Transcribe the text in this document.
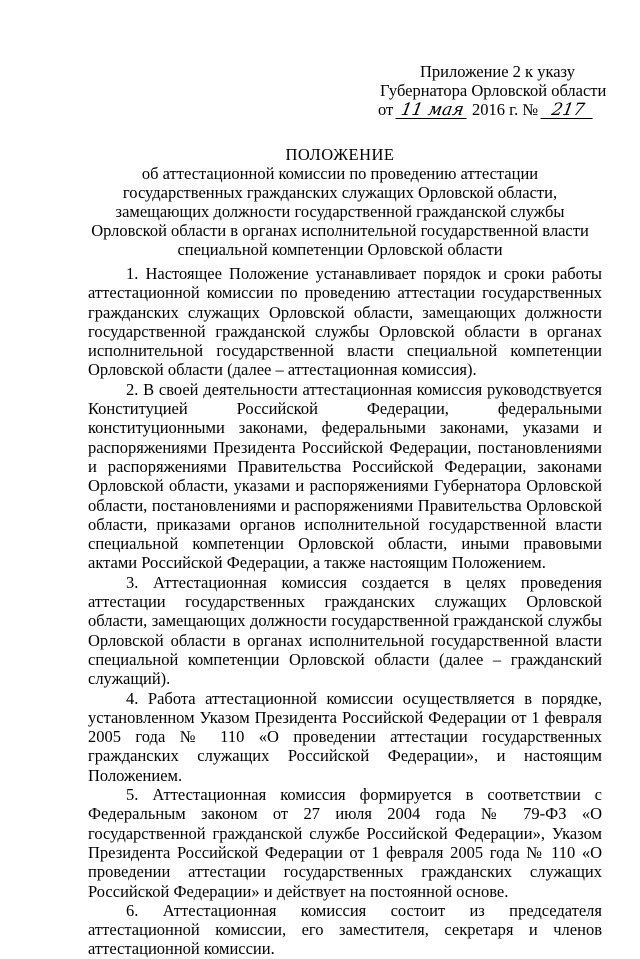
Приложение 2 к указу
Губернатора Орловской области
от 11 мая 2016 г. № 217
ПОЛОЖЕНИЕ
об аттестационной комиссии по проведению аттестации государственных гражданских служащих Орловской области, замещающих должности государственной гражданской службы Орловской области в органах исполнительной государственной власти специальной компетенции Орловской области

1. Настоящее Положение устанавливает порядок и сроки работы аттестационной комиссии по проведению аттестации государственных гражданских служащих Орловской области, замещающих должности государственной гражданской службы Орловской области в органах исполнительной государственной власти специальной компетенции Орловской области (далее – аттестационная комиссия).

2. В своей деятельности аттестационная комиссия руководствуется Конституцией Российской Федерации, федеральными конституционными законами, федеральными законами, указами и распоряжениями Президента Российской Федерации, постановлениями и распоряжениями Правительства Российской Федерации, законами Орловской области, указами и распоряжениями Губернатора Орловской области, постановлениями и распоряжениями Правительства Орловской области, приказами органов исполнительной государственной власти специальной компетенции Орловской области, иными правовыми актами Российской Федерации, а также настоящим Положением.

3. Аттестационная комиссия создается в целях проведения аттестации государственных гражданских служащих Орловской области, замещающих должности государственной гражданской службы Орловской области в органах исполнительной государственной власти специальной компетенции Орловской области (далее – гражданский служащий).

4. Работа аттестационной комиссии осуществляется в порядке, установленном Указом Президента Российской Федерации от 1 февраля 2005 года № 110 «О проведении аттестации государственных гражданских служащих Российской Федерации», и настоящим Положением.

5. Аттестационная комиссия формируется в соответствии с Федеральным законом от 27 июля 2004 года № 79-ФЗ «О государственной гражданской службе Российской Федерации», Указом Президента Российской Федерации от 1 февраля 2005 года № 110 «О проведении аттестации государственных гражданских служащих Российской Федерации» и действует на постоянной основе.

6. Аттестационная комиссия состоит из председателя аттестационной комиссии, его заместителя, секретаря и членов аттестационной комиссии.
